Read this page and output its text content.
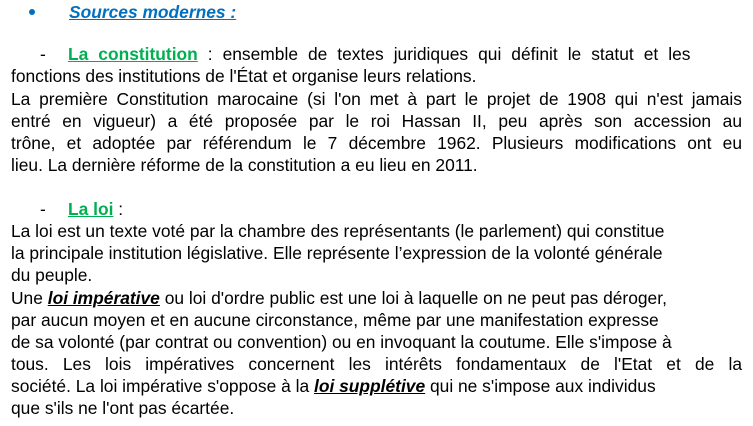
Sources modernes :
- La constitution : ensemble de textes juridiques qui définit le statut et les
fonctions des institutions de l'État et organise leurs relations.
La première Constitution marocaine (si l'on met à part le projet de 1908 qui n'est jamais
entré en vigueur) a été proposée par le roi Hassan II, peu après son accession au
trône, et adoptée par référendum le 7 décembre 1962. Plusieurs modifications ont eu
lieu. La dernière réforme de la constitution a eu lieu en 2011.
- La loi :
La loi est un texte voté par la chambre des représentants (le parlement) qui constitue
la principale institution législative. Elle représente l’expression de la volonté générale
du peuple.
Une loi impérative ou loi d'ordre public est une loi à laquelle on ne peut pas déroger,
par aucun moyen et en aucune circonstance, même par une manifestation expresse
de sa volonté (par contrat ou convention) ou en invoquant la coutume. Elle s'impose à
tous. Les lois impératives concernent les intérêts fondamentaux de l'Etat et de la
société. La loi impérative s'oppose à la loi supplétive qui ne s'impose aux individus
que s'ils ne l'ont pas écartée.
